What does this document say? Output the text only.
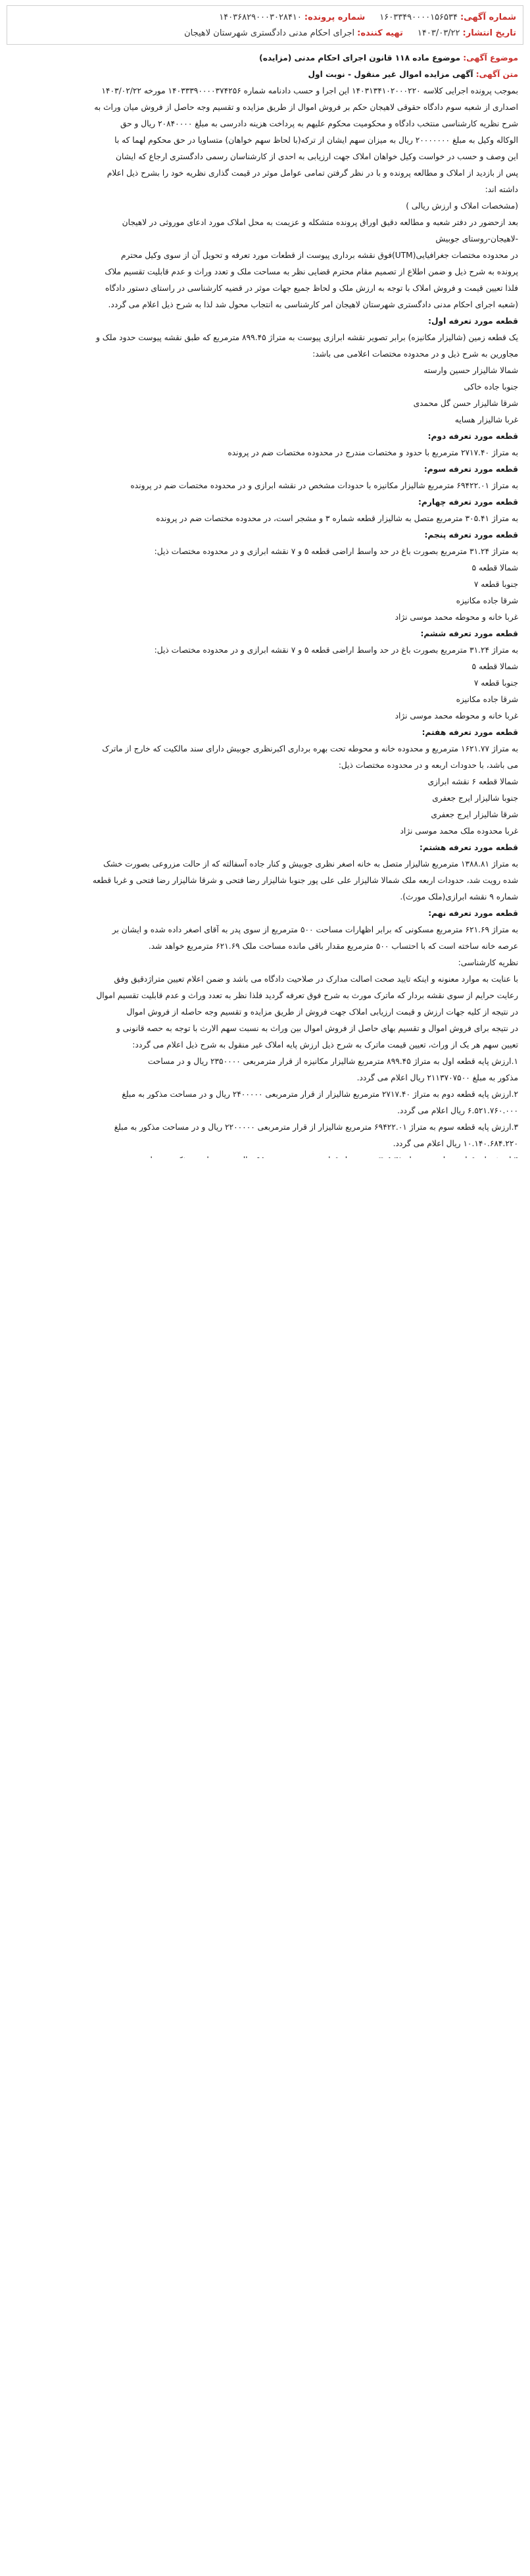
شماره آگهی:
۱۶۰۳۳۴۹۰۰۰۰۱۵۶۵۳۴
شماره پرونده:
۱۴۰۳۶۸۲۹۰۰۰۳۰۲۸۴۱۰
تاریخ انتشار:
۱۴۰۳/۰۳/۲۲
تهیه کننده:
اجرای احکام مدنی دادگستری شهرستان لاهیجان

موضوع آگهی: موضوع ماده ۱۱۸ قانون اجرای احکام مدنی (مزایده)

متن آگهی: آگهی مزایده اموال غیر منقول - نوبت اول

بموجب پرونده اجرایی کلاسه ۱۴۰۳۱۳۴۱۰۲۰۰۰۲۲۰ این اجرا و حسب دادنامه شماره ۱۴۰۳۳۳۹۰۰۰۰۳۷۴۲۵۶ مورخه ۱۴۰۳/۰۲/۲۲

اصداری از شعبه سوم دادگاه حقوقی لاهیجان حکم بر فروش اموال از طریق مزایده و تقسیم وجه حاصل از فروش میان وراث به

شرح نظریه کارشناسی منتخب دادگاه و محکومیت محکوم علیهم به پرداخت هزینه دادرسی به مبلغ ۲۰۸۴۰۰۰۰ ریال و حق

الوکاله وکیل به مبلغ ۲۰۰۰۰۰۰۰ ریال به میزان سهم ایشان از ترکه(با لحاظ سهم خواهان) متساویا در حق محکوم لهما که با

این وصف و حسب در خواست وکیل خواهان املاک جهت ارزیابی به احدی از کارشناسان رسمی دادگستری ارجاع که ایشان

پس از بازدید از املاک و مطالعه پرونده و با در نظر گرفتن تمامی عوامل موثر در قیمت گذاری نظریه خود را بشرح ذیل اعلام

داشته اند:

(مشخصات املاک و ارزش ریالی )

بعد ازحضور در دفتر شعبه و مطالعه دقیق اوراق پرونده متشکله و عزیمت به محل املاک مورد ادعای موروثی در لاهیجان

-لاهیجان-روستای جوبیش

در محدوده مختصات جغرافیایی(UTM)فوق نقشه برداری پیوست از قطعات مورد تعرفه و تحویل آن از سوی وکیل محترم

پرونده به شرح ذیل و ضمن اطلاع از تصمیم مقام محترم قضایی نظر به مساحت ملک و تعدد وراث و عدم قابلیت تقسیم ملاک

فلذا تعیین قیمت و فروش املاک با توجه به ارزش ملک و لحاظ جمیع جهات موثر در قضیه کارشناسی در راستای دستور دادگاه

(شعبه اجرای احکام مدنی دادگستری شهرستان لاهیجان امر کارشناسی به انتجاب محول شد لذا به شرح ذیل اعلام می گردد.

قطعه مورد تعرفه اول:

یک قطعه زمین (شالیزار مکانیزه) برابر تصویر نقشه ابرازی پیوست به متراژ ۸۹۹.۴۵ مترمربع که طبق نقشه پیوست حدود ملک و

مجاورین به شرح ذیل و در محدوده مختصات اعلامی می باشد:

شمالا شالیزار حسین وارسته

جنوبا جاده خاکی

شرقا شالیزار حسن گل محمدی

غربا شالیزار هسایه

قطعه مورد تعرفه دوم:

به متراژ ۲۷۱۷.۴۰ مترمربع با حدود و مختصات مندرج در محدوده مختصات ضم در پرونده

قطعه مورد تعرفه سوم:

به متراژ ۶۹۴۲۲.۰۱ مترمربع شالیزار مکانیزه با حدودات مشخص در نقشه ابرازی و در محدوده مختصات ضم در پرونده

قطعه مورد تعرفه چهارم:

به متراژ ۳۰۵.۴۱ مترمربع متصل به شالیزار قطعه شماره ۳ و مشجر است، در محدوده مختصات ضم در پرونده

قطعه مورد تعرفه پنجم:

به متراژ ۳۱.۲۴ مترمربع بصورت باغ در حد واسط اراضی قطعه ۵ و ۷ نقشه ابرازی و در محدوده مختصات ذیل:

شمالا قطعه ۵

جنوبا قطعه ۷

شرقا جاده مکانیزه

غربا خانه و محوطه محمد موسی نژاد

قطعه مورد تعرفه ششم:

به متراژ ۳۱.۲۴ مترمربع بصورت باغ در حد واسط اراضی قطعه ۵ و ۷ نقشه ابرازی و در محدوده مختصات ذیل:

شمالا قطعه ۵

جنوبا قطعه ۷

شرقا جاده مکانیزه

غربا خانه و محوطه محمد موسی نژاد

قطعه مورد تعرفه هفتم:

به متراژ ۱۶۲۱.۷۷ مترمربع و محدوده خانه و محوطه تحت بهره برداری اکبرنظری جوبیش دارای سند مالکیت که خارج از ماترک

می باشد، با حدودات اربعه و در محدوده مختصات ذیل:

شمالا قطعه ۶ نقشه ابرازی

جنوبا شالیزار ایرج جعفری

شرقا شالیزار ایرج جعفری

غربا محدوده ملک محمد موسی نژاد

قطعه مورد تعرفه هشتم:

به متراژ ۱۳۸۸.۸۱ مترمربع شالیزار متصل به خانه اصغر نظری جوبیش و کنار جاده آسفالته که از حالت مزروعی بصورت خشک

شده رویت شد، حدودات اربعه ملک شمالا شالیزار علی علی پور جنوبا شالیزار رضا فتحی و شرقا شالیزار رضا فتحی و غربا قطعه

شماره ۹ نقشه ابرازی(ملک مورث).

قطعه مورد تعرفه نهم:

به متراژ ۶۲۱.۶۹ مترمربع مسکونی که برابر اظهارات مساحت ۵۰۰ مترمربع از سوی پدر به آقای اصغر داده شده و ایشان بر

عرصه خانه ساخته است که با احتساب ۵۰۰ مترمربع مقدار باقی مانده مساحت ملک ۶۲۱.۶۹ مترمربع خواهد شد.

نظریه کارشناسی:

با عنایت به موارد معنونه و اینکه تایید صحت اصالت مدارک در صلاحیت دادگاه می باشد و ضمن اعلام تعیین متراژدقیق وفق

رعایت حرایم از سوی نقشه بردار که ماترک مورث به شرح فوق تعرفه گردید فلذا نظر به تعدد وراث و عدم قابلیت تقسیم اموال

در نتیجه از کلیه جهات ارزش و قیمت ارزیابی املاک جهت فروش از طریق مزایده و تقسیم وجه حاصله از فروش اموال

در نتیجه برای فروش اموال و تقسیم بهای حاصل از فروش اموال بین وراث به نسبت سهم الارث با توجه به حصه قانونی و

تعیین سهم هر یک از وراث، تعیین قیمت ماترک به شرح ذیل ارزش پایه املاک غیر منقول به شرح ذیل اعلام می گردد:

۱.ارزش پایه قطعه اول به متراژ ۸۹۹.۴۵ مترمربع شالیزار مکانیزه از قرار مترمربعی ۲۳۵۰۰۰۰ ریال و در مساحت

مذکور به مبلغ ۲۱۱۳۷۰۷۵۰۰ ریال اعلام می گردد.

۲.ارزش پایه قطعه دوم به متراژ ۲۷۱۷.۴۰ مترمربع شالیزار از قرار مترمربعی ۲۴۰۰۰۰۰ ریال و در مساحت مذکور به مبلغ

۶.۵۲۱.۷۶۰.۰۰۰ ریال اعلام می گردد.

۳.ارزش پایه قطعه سوم به متراژ ۶۹۴۲۲.۰۱ مترمربع شالیزار از قرار مترمربعی ۲۲۰۰۰۰۰ ریال و در مساحت مذکور به مبلغ

۱۰.۱۴۰.۶۸۴.۲۲۰ ریال اعلام می گردد.
